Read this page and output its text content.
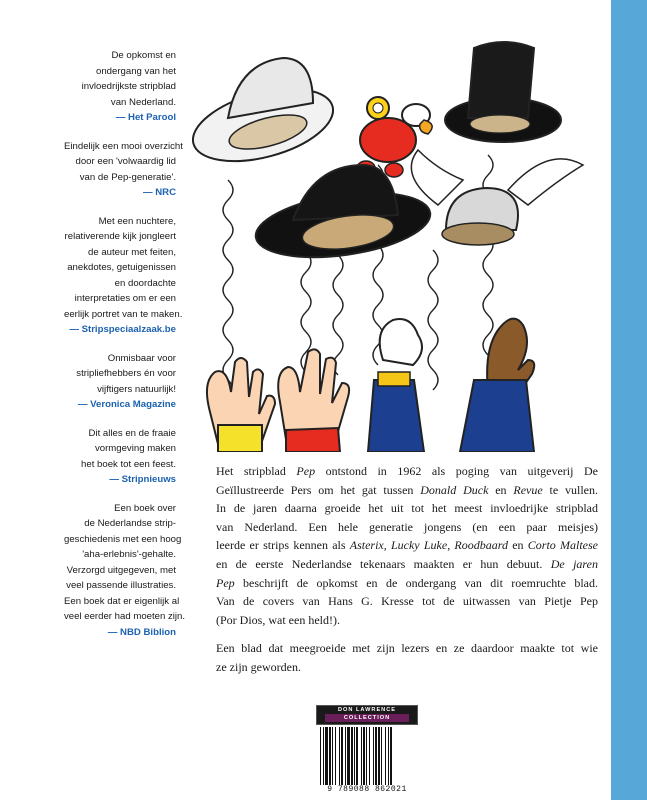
De opkomst en
ondergang van het
invloedrijkste stripblad
van Nederland.
— Het Parool
Eindelijk een mooi overzicht
door een 'volwaardig lid
van de Pep-generatie'.
— NRC
Met een nuchtere,
relativerende kijk jongleert
de auteur met feiten,
anekdotes, getuigenissen
en doordachte
interpretaties om er een
eerlijk portret van te maken.
— Stripspeciaalzaak.be
Onmisbaar voor
stripliefhebbers én voor
vijftigers natuurlijk!
— Veronica Magazine
Dit alles en de fraaie
vormgeving maken
het boek tot een feest.
— Stripnieuws
Een boek over
de Nederlandse strip-
geschiedenis met een hoog
'aha-erlebnis'-gehalte.
Verzorgd uitgegeven, met
veel passende illustraties.
Een boek dat er eigenlijk al
veel eerder had moeten zijn.
— NBD Biblion

Het stripblad Pep ontstond in 1962 als poging van uitgeverij De
Geïllustreerde Pers om het gat tussen Donald Duck en Revue te vullen.
In de jaren daarna groeide het uit tot het meest invloedrijke stripblad
van Nederland. Een hele generatie jongens (en een paar meisjes)
leerde er strips kennen als Asterix, Lucky Luke, Roodbaard en Corto Maltese
en de eerste Nederlandse tekenaars maakten er hun debuut. De jaren
Pep beschrijft de opkomst en de ondergang van dit roemruchte blad.
Van de covers van Hans G. Kresse tot de uitwassen van Pietje Pep
(Por Dios, wat een held!).

Een blad dat meegroeide met zijn lezers en ze daardoor maakte tot wie
ze zijn geworden.

DON LAWRENCE
COLLECTION
9 789088 862021
